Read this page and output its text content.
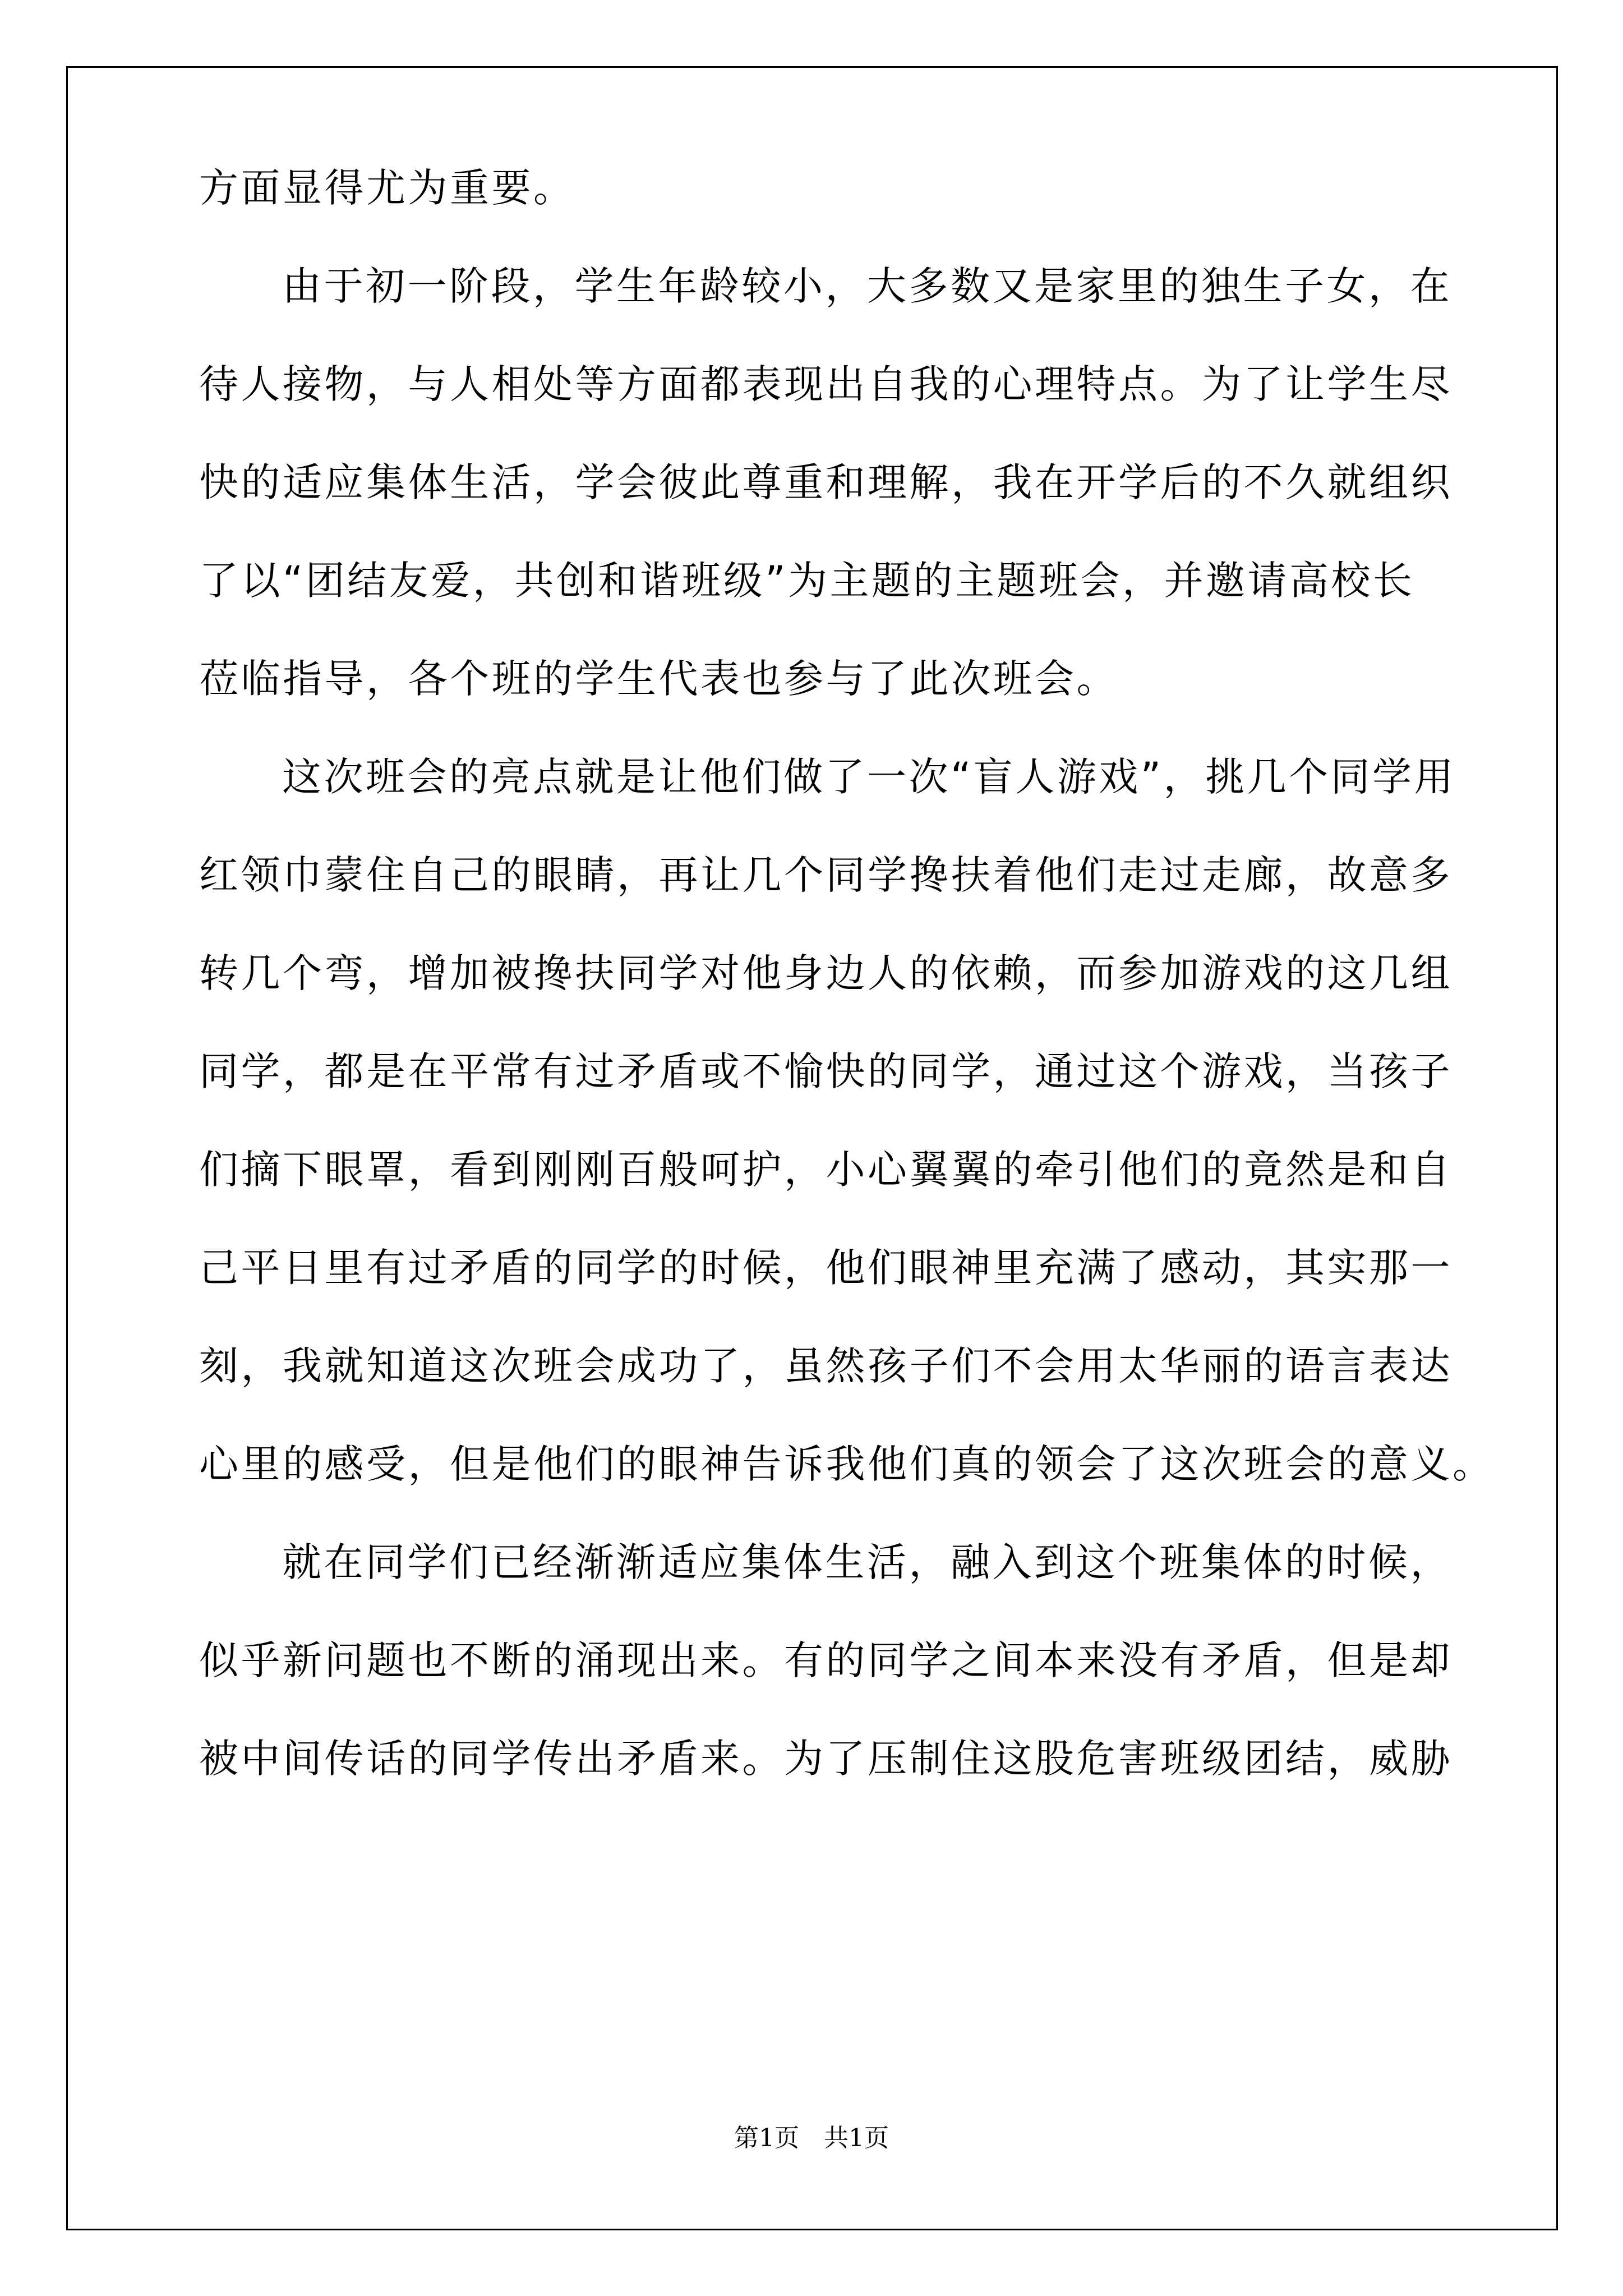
方面显得尤为重要。
由于初一阶段，学生年龄较小，大多数又是家里的独生子女，在
待人接物，与人相处等方面都表现出自我的心理特点。为了让学生尽
快的适应集体生活，学会彼此尊重和理解，我在开学后的不久就组织
了以“团结友爱，共创和谐班级”为主题的主题班会，并邀请高校长
莅临指导，各个班的学生代表也参与了此次班会。
这次班会的亮点就是让他们做了一次“盲人游戏”，挑几个同学用
红领巾蒙住自己的眼睛，再让几个同学搀扶着他们走过走廊，故意多
转几个弯，增加被搀扶同学对他身边人的依赖，而参加游戏的这几组
同学，都是在平常有过矛盾或不愉快的同学，通过这个游戏，当孩子
们摘下眼罩，看到刚刚百般呵护，小心翼翼的牵引他们的竟然是和自
己平日里有过矛盾的同学的时候，他们眼神里充满了感动，其实那一
刻，我就知道这次班会成功了，虽然孩子们不会用太华丽的语言表达
心里的感受，但是他们的眼神告诉我他们真的领会了这次班会的意义。
就在同学们已经渐渐适应集体生活，融入到这个班集体的时候，
似乎新问题也不断的涌现出来。有的同学之间本来没有矛盾，但是却
被中间传话的同学传出矛盾来。为了压制住这股危害班级团结，威胁
第1页　共1页
